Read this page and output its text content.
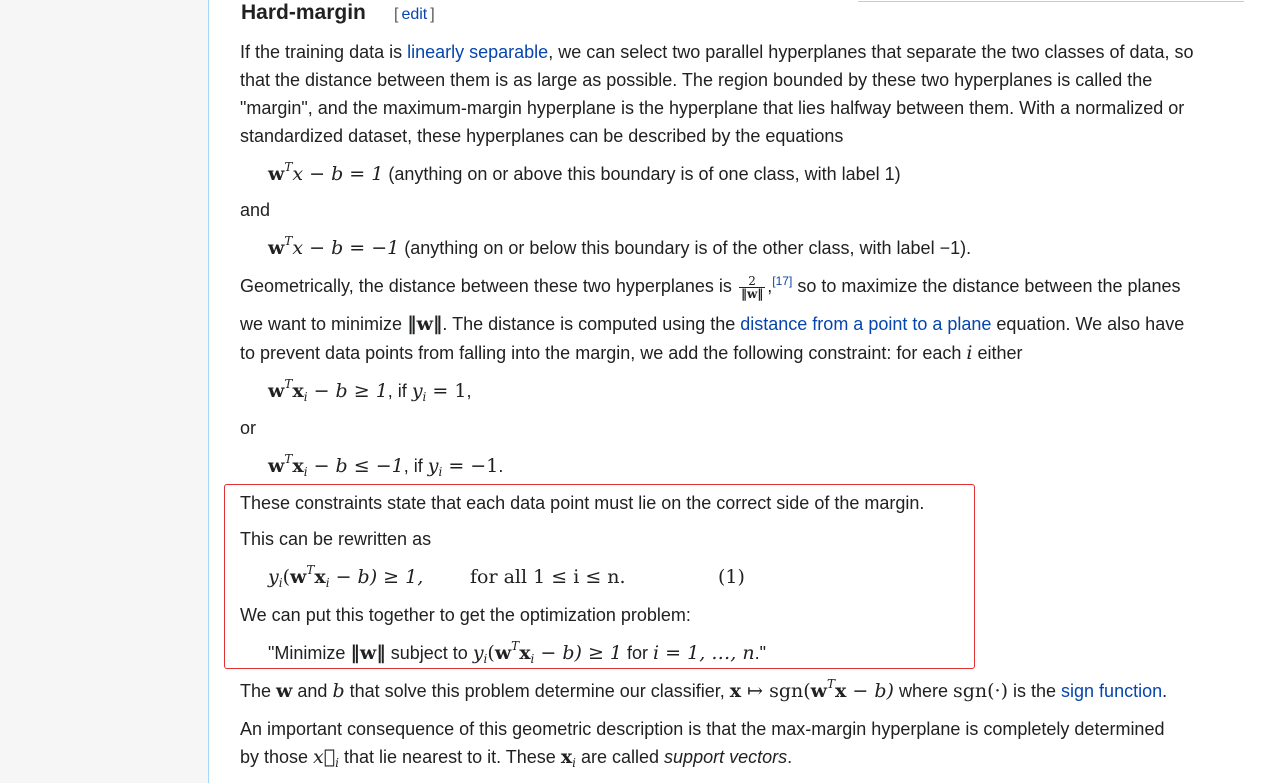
Hard-margin [ edit ]
If the training data is linearly separable, we can select two parallel hyperplanes that separate the two classes of data, so
that the distance between them is as large as possible. The region bounded by these two hyperplanes is called the
"margin", and the maximum-margin hyperplane is the hyperplane that lies halfway between them. With a normalized or
standardized dataset, these hyperplanes can be described by the equations
$w^Tx - b = 1$ (anything on or above this boundary is of one class, with label 1)
and
$w^Tx - b = -1$ (anything on or below this boundary is of the other class, with label −1).
Geometrically, the distance between these two hyperplanes is $\frac{2}{‖w‖} ,[17]$ so to maximize the distance between the planes
we want to minimize ‖w‖. The distance is computed using the distance from a point to a plane equation. We also have
to prevent data points from falling into the margin, we add the following constraint: for each i either
$w^Tx_i - b \ge 1$, if $y_i = 1$,
or
$w^Tx_i - b \le -1$, if $y_i = -1$.
These constraints state that each data point must lie on the correct side of the margin.
This can be rewritten as
$y_i(w^Tx_i - b) \ge 1$, for all 1 ≤ i ≤ n.	(1)
We can put this together to get the optimization problem:
"Minimize ‖w‖ subject to $y_i(w^Tx_i - b) \ge 1$ for i = 1, …, n."
The w and b that solve this problem determine our classifier, x ↦ $sgn(w^Tx - b)$ where sgn(·) is the sign function.
An important consequence of this geometric description is that the max-margin hyperplane is completely determined
by those $x⃗_i$ that lie nearest to it. These $x_i$ are called support vectors.
